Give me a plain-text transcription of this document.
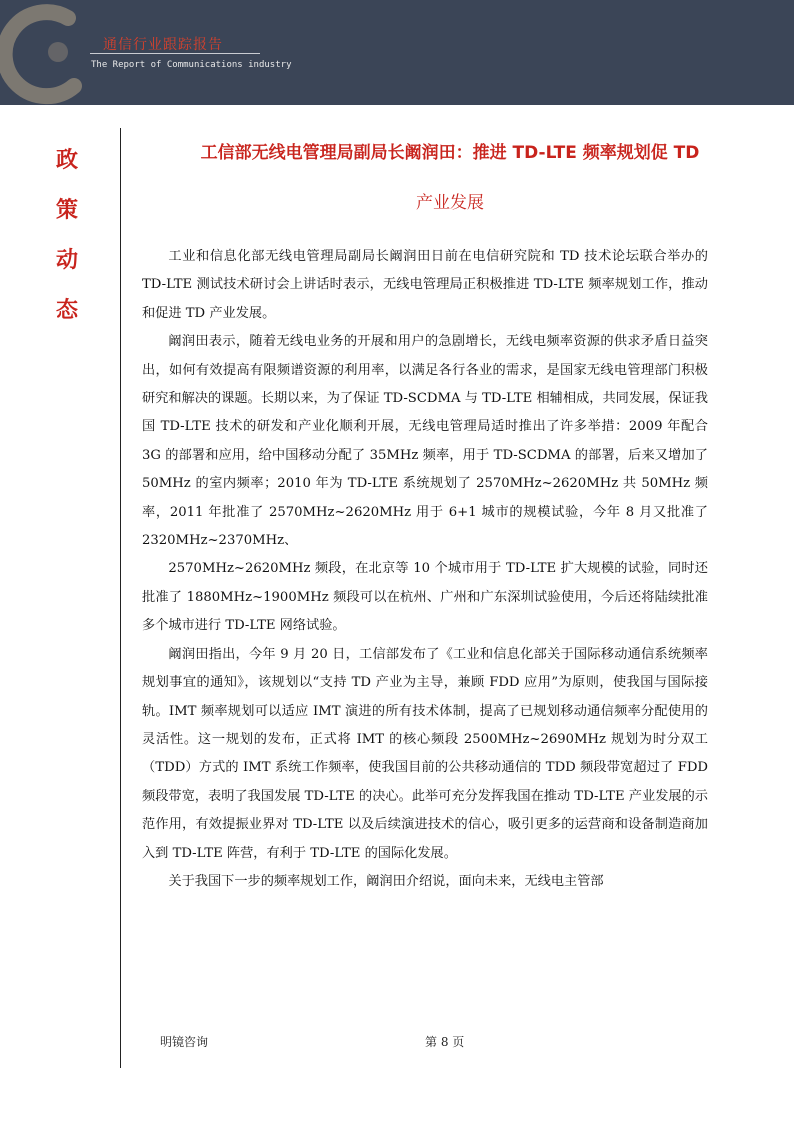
通信行业跟踪报告
The Report of Communications industry
政
策
动
态
工信部无线电管理局副局长阚润田：推进 TD-LTE 频率规划促 TD
产业发展

工业和信息化部无线电管理局副局长阚润田日前在电信研究院和 TD 技术论坛联合举办的 TD-LTE 测试技术研讨会上讲话时表示，无线电管理局正积极推进 TD-LTE 频率规划工作，推动和促进 TD 产业发展。

阚润田表示，随着无线电业务的开展和用户的急剧增长，无线电频率资源的供求矛盾日益突出，如何有效提高有限频谱资源的利用率，以满足各行各业的需求，是国家无线电管理部门积极研究和解决的课题。长期以来，为了保证 TD-SCDMA 与 TD-LTE 相辅相成，共同发展，保证我国 TD-LTE 技术的研发和产业化顺利开展，无线电管理局适时推出了许多举措：2009 年配合 3G 的部署和应用，给中国移动分配了 35MHz 频率，用于 TD-SCDMA 的部署，后来又增加了 50MHz 的室内频率；2010 年为 TD-LTE 系统规划了 2570MHz~2620MHz 共 50MHz 频率，2011 年批准了 2570MHz~2620MHz 用于 6+1 城市的规模试验，今年 8 月又批准了 2320MHz~2370MHz、

2570MHz~2620MHz 频段，在北京等 10 个城市用于 TD-LTE 扩大规模的试验，同时还批准了 1880MHz~1900MHz 频段可以在杭州、广州和广东深圳试验使用，今后还将陆续批准多个城市进行 TD-LTE 网络试验。

阚润田指出，今年 9 月 20 日，工信部发布了《工业和信息化部关于国际移动通信系统频率规划事宜的通知》，该规划以“支持 TD 产业为主导，兼顾 FDD 应用”为原则，使我国与国际接轨。IMT 频率规划可以适应 IMT 演进的所有技术体制，提高了已规划移动通信频率分配使用的灵活性。这一规划的发布，正式将 IMT 的核心频段 2500MHz~2690MHz 规划为时分双工（TDD）方式的 IMT 系统工作频率，使我国目前的公共移动通信的 TDD 频段带宽超过了 FDD 频段带宽，表明了我国发展 TD-LTE 的决心。此举可充分发挥我国在推动 TD-LTE 产业发展的示范作用，有效提振业界对 TD-LTE 以及后续演进技术的信心，吸引更多的运营商和设备制造商加入到 TD-LTE 阵营，有利于 TD-LTE 的国际化发展。

关于我国下一步的频率规划工作，阚润田介绍说，面向未来，无线电主管部

明镜咨询	第 8 页
